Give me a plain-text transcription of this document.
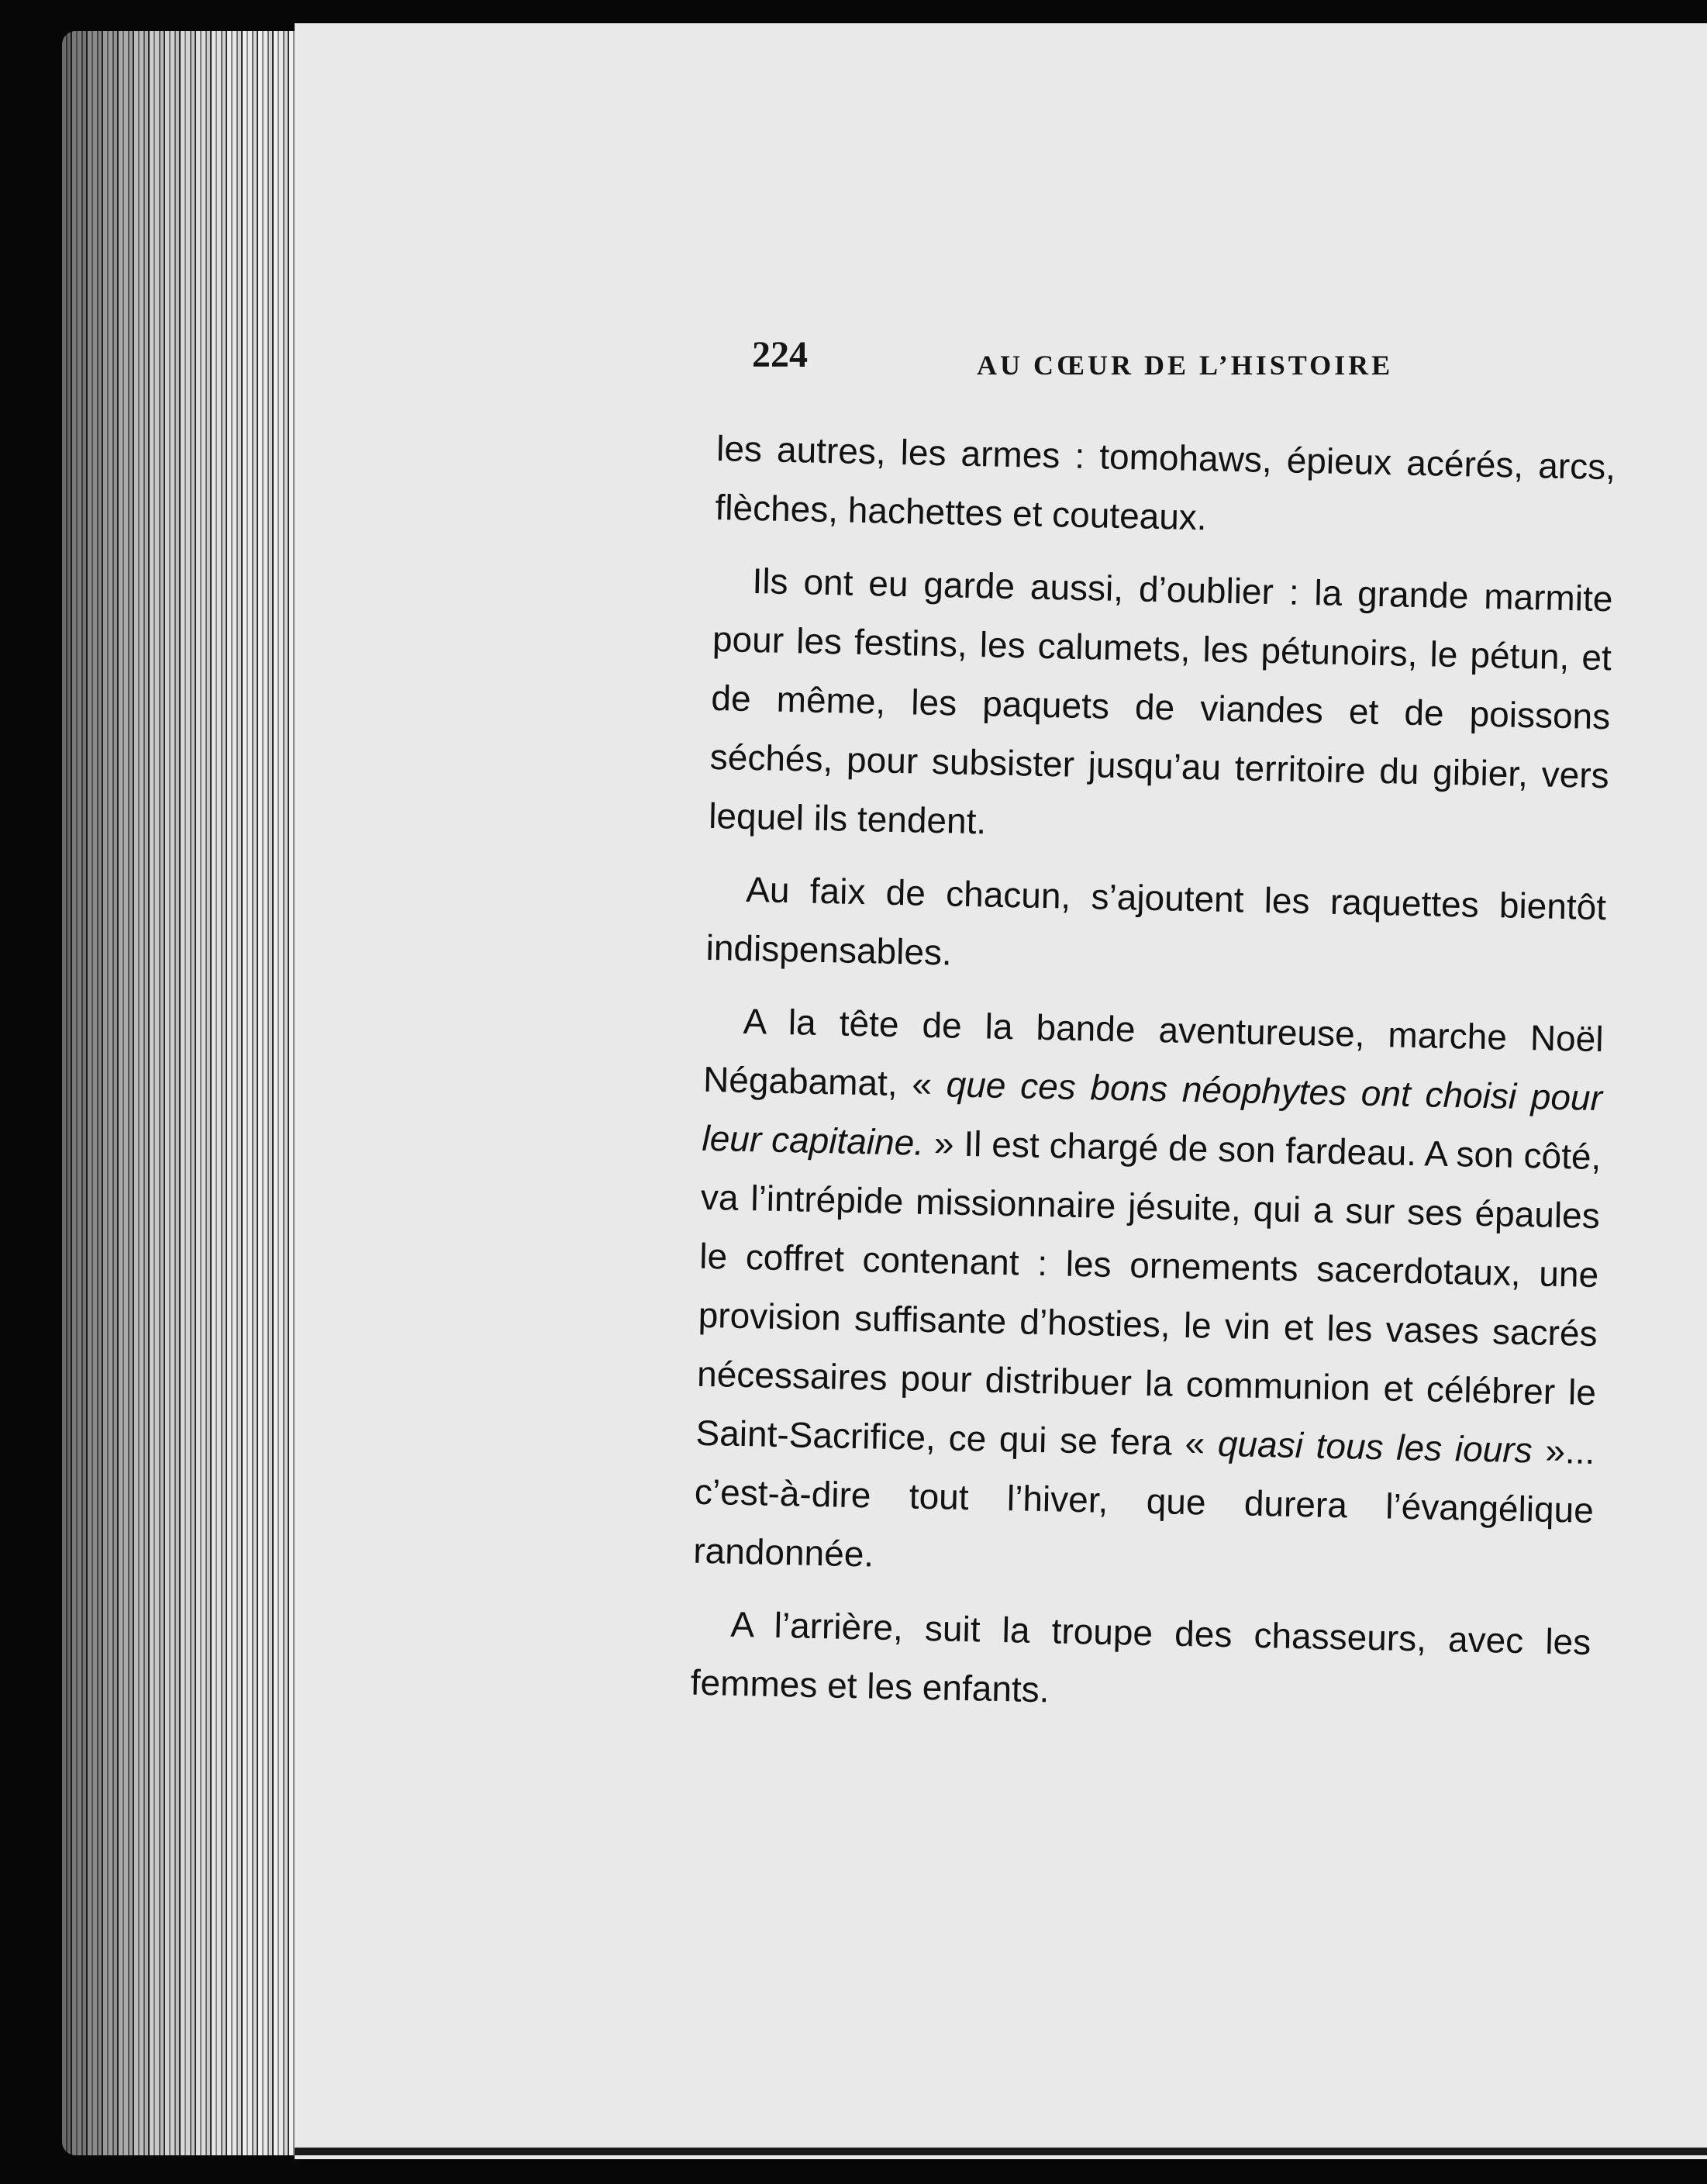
224	AU CŒUR DE L’HISTOIRE

les autres, les armes : tomohaws, épieux acérés, arcs, flèches, hachettes et couteaux.

Ils ont eu garde aussi, d’oublier : la grande marmite pour les festins, les calumets, les pétunoirs, le pétun, et de même, les paquets de viandes et de poissons séchés, pour subsister jusqu’au territoire du gibier, vers lequel ils tendent.

Au faix de chacun, s’ajoutent les raquettes bientôt indispensables.

A la tête de la bande aventureuse, marche Noël Négabamat, « que ces bons néophytes ont choisi pour leur capitaine. » Il est chargé de son fardeau. A son côté, va l’intrépide missionnaire jésuite, qui a sur ses épaules le coffret contenant : les ornements sacerdotaux, une provision suffisante d’hosties, le vin et les vases sacrés nécessaires pour distribuer la communion et célébrer le Saint-Sacrifice, ce qui se fera « quasi tous les iours »... c’est-à-dire tout l’hiver, que durera l’évangélique randonnée.

A l’arrière, suit la troupe des chasseurs, avec les femmes et les enfants.
